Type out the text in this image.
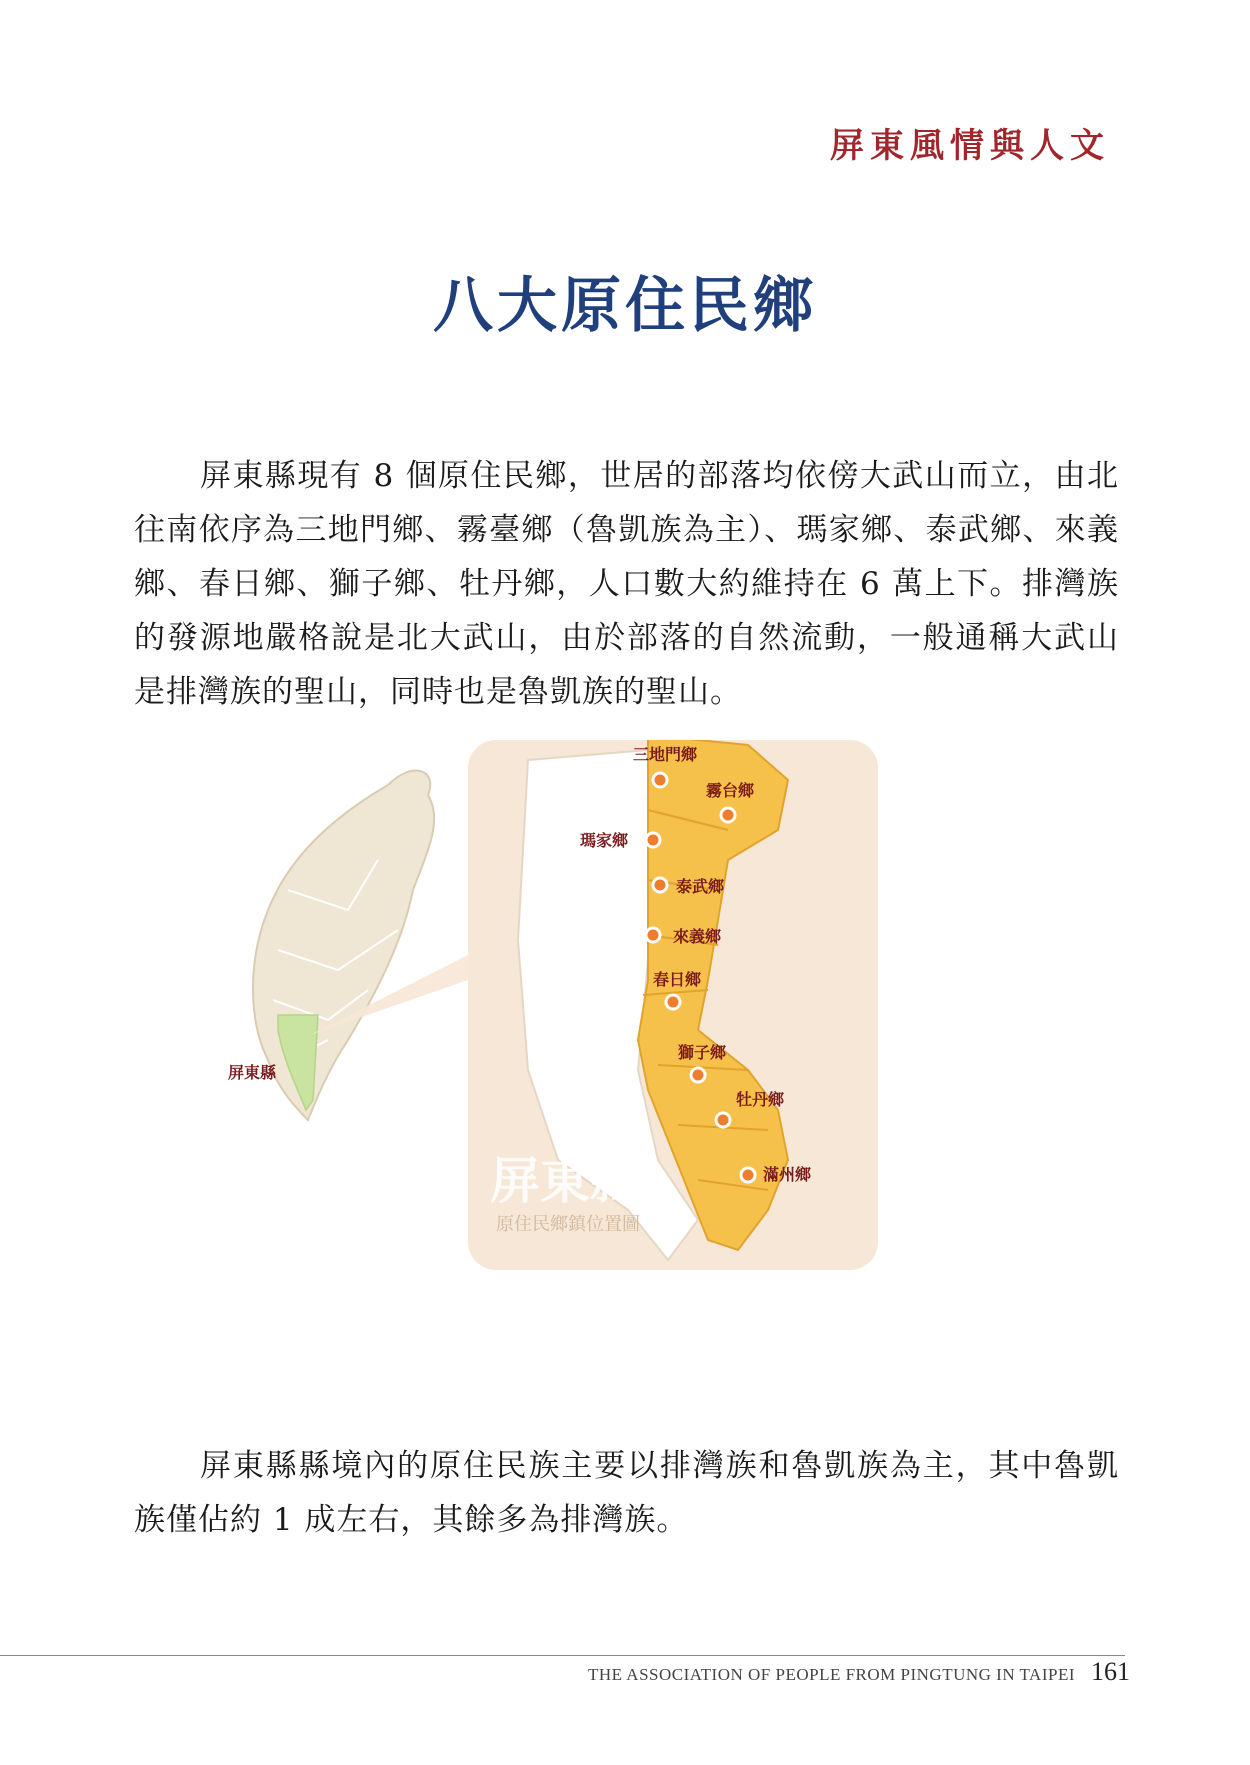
屏東風情與人文
八大原住民鄉

屏東縣現有 8 個原住民鄉，世居的部落均依傍大武山而立，由北往南依序為三地門鄉、霧臺鄉（魯凱族為主）、瑪家鄉、泰武鄉、來義鄉、春日鄉、獅子鄉、牡丹鄉，人口數大約維持在 6 萬上下。排灣族的發源地嚴格說是北大武山，由於部落的自然流動，一般通稱大武山是排灣族的聖山，同時也是魯凱族的聖山。

屏東縣
三地門鄉
霧台鄉
瑪家鄉
泰武鄉
來義鄉
春日鄉
獅子鄉
牡丹鄉
滿州鄉
屏東縣
原住民鄉鎮位置圖

屏東縣縣境內的原住民族主要以排灣族和魯凱族為主，其中魯凱族僅佔約 1 成左右，其餘多為排灣族。

THE ASSOCIATION OF PEOPLE FROM PINGTUNG IN TAIPEI 161
